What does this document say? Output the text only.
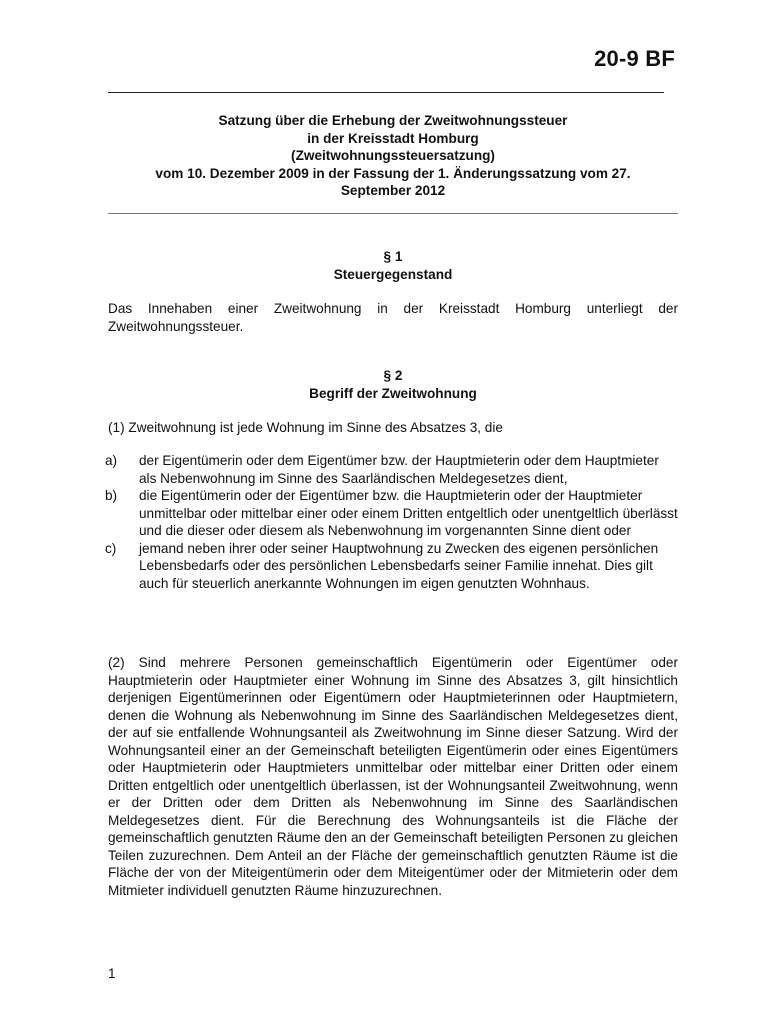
20-9 BF
Satzung über die Erhebung der Zweitwohnungssteuer
in der Kreisstadt Homburg
(Zweitwohnungssteuersatzung)
vom 10. Dezember 2009 in der Fassung der 1. Änderungssatzung vom 27.
September 2012
§ 1
Steuergegenstand

Das Innehaben einer Zweitwohnung in der Kreisstadt Homburg unterliegt der Zweitwohnungssteuer.

§ 2
Begriff der Zweitwohnung

(1) Zweitwohnung ist jede Wohnung im Sinne des Absatzes 3, die

a) der Eigentümerin oder dem Eigentümer bzw. der Hauptmieterin oder dem Hauptmieter als Nebenwohnung im Sinne des Saarländischen Meldegesetzes dient,
b) die Eigentümerin oder der Eigentümer bzw. die Hauptmieterin oder der Hauptmieter unmittelbar oder mittelbar einer oder einem Dritten entgeltlich oder unentgeltlich überlässt und die dieser oder diesem als Nebenwohnung im vorgenannten Sinne dient oder
c) jemand neben ihrer oder seiner Hauptwohnung zu Zwecken des eigenen persönlichen Lebensbedarfs oder des persönlichen Lebensbedarfs seiner Familie innehat. Dies gilt auch für steuerlich anerkannte Wohnungen im eigen genutzten Wohnhaus.

(2) Sind mehrere Personen gemeinschaftlich Eigentümerin oder Eigentümer oder Hauptmieterin oder Hauptmieter einer Wohnung im Sinne des Absatzes 3, gilt hinsichtlich derjenigen Eigentümerinnen oder Eigentümern oder Hauptmieterinnen oder Hauptmietern, denen die Wohnung als Nebenwohnung im Sinne des Saarländischen Meldegesetzes dient, der auf sie entfallende Wohnungsanteil als Zweitwohnung im Sinne dieser Satzung. Wird der Wohnungsanteil einer an der Gemeinschaft beteiligten Eigentümerin oder eines Eigentümers oder Hauptmieterin oder Hauptmieters unmittelbar oder mittelbar einer Dritten oder einem Dritten entgeltlich oder unentgeltlich überlassen, ist der Wohnungsanteil Zweitwohnung, wenn er der Dritten oder dem Dritten als Nebenwohnung im Sinne des Saarländischen Meldegesetzes dient. Für die Berechnung des Wohnungsanteils ist die Fläche der gemeinschaftlich genutzten Räume den an der Gemeinschaft beteiligten Personen zu gleichen Teilen zuzurechnen. Dem Anteil an der Fläche der gemeinschaftlich genutzten Räume ist die Fläche der von der Miteigentümerin oder dem Miteigentümer oder der Mitmieterin oder dem Mitmieter individuell genutzten Räume hinzuzurechnen.

1
